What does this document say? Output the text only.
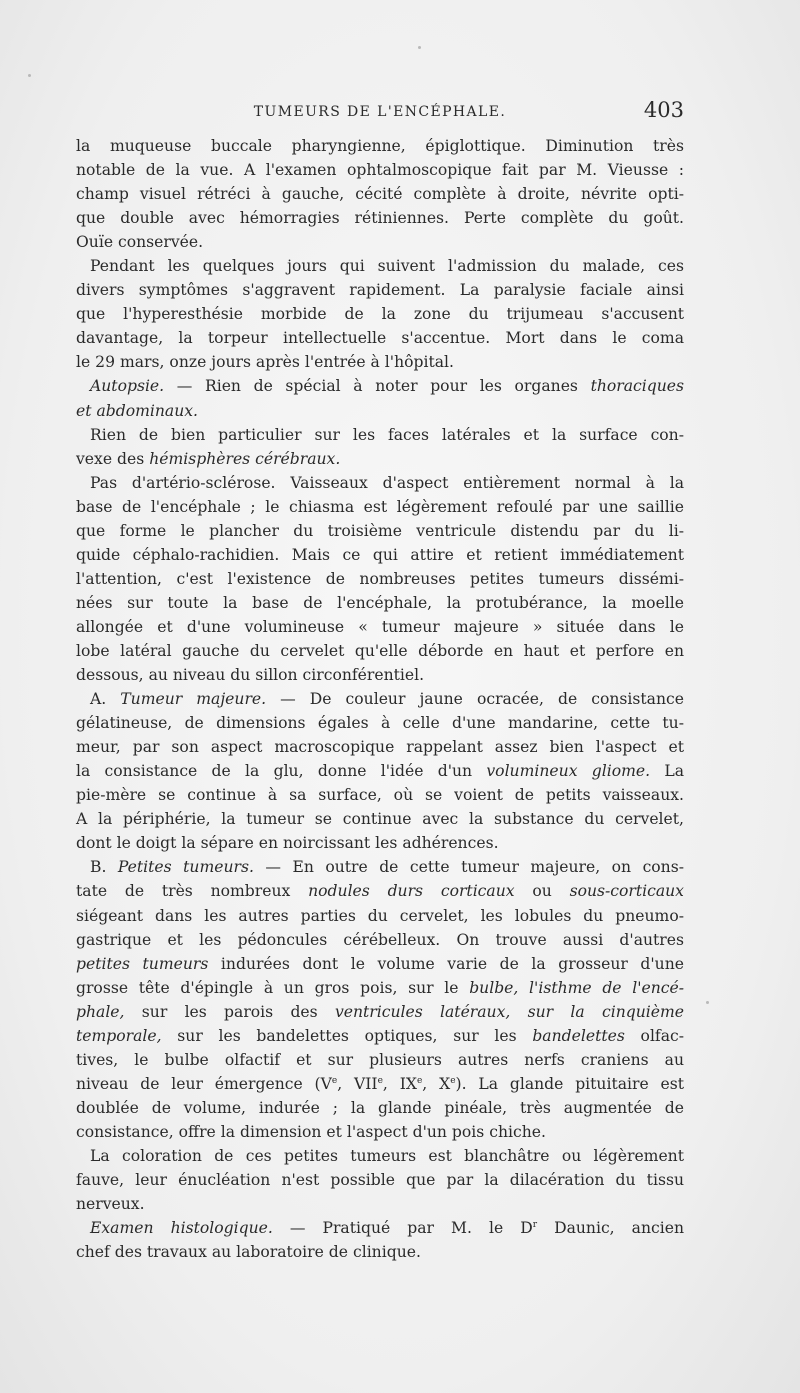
TUMEURS DE L'ENCÉPHALE.	403
la muqueuse buccale pharyngienne, épiglottique. Diminution très
notable de la vue. A l'examen ophtalmoscopique fait par M. Vieusse :
champ visuel rétréci à gauche, cécité complète à droite, névrite opti-
que double avec hémorragies rétiniennes. Perte complète du goût.
Ouïe conservée.
Pendant les quelques jours qui suivent l'admission du malade, ces
divers symptômes s'aggravent rapidement. La paralysie faciale ainsi
que l'hyperesthésie morbide de la zone du trijumeau s'accusent
davantage, la torpeur intellectuelle s'accentue. Mort dans le coma
le 29 mars, onze jours après l'entrée à l'hôpital.
Autopsie. — Rien de spécial à noter pour les organes thoraciques
et abdominaux.
Rien de bien particulier sur les faces latérales et la surface con-
vexe des hémisphères cérébraux.
Pas d'artério-sclérose. Vaisseaux d'aspect entièrement normal à la
base de l'encéphale ; le chiasma est légèrement refoulé par une saillie
que forme le plancher du troisième ventricule distendu par du li-
quide céphalo-rachidien. Mais ce qui attire et retient immédiatement
l'attention, c'est l'existence de nombreuses petites tumeurs dissémi-
nées sur toute la base de l'encéphale, la protubérance, la moelle
allongée et d'une volumineuse « tumeur majeure » située dans le
lobe latéral gauche du cervelet qu'elle déborde en haut et perfore en
dessous, au niveau du sillon circonférentiel.
A. Tumeur majeure. — De couleur jaune ocracée, de consistance
gélatineuse, de dimensions égales à celle d'une mandarine, cette tu-
meur, par son aspect macroscopique rappelant assez bien l'aspect et
la consistance de la glu, donne l'idée d'un volumineux gliome. La
pie-mère se continue à sa surface, où se voient de petits vaisseaux.
A la périphérie, la tumeur se continue avec la substance du cervelet,
dont le doigt la sépare en noircissant les adhérences.
B. Petites tumeurs. — En outre de cette tumeur majeure, on cons-
tate de très nombreux nodules durs corticaux ou sous-corticaux
siégeant dans les autres parties du cervelet, les lobules du pneumo-
gastrique et les pédoncules cérébelleux. On trouve aussi d'autres
petites tumeurs indurées dont le volume varie de la grosseur d'une
grosse tête d'épingle à un gros pois, sur le bulbe, l'isthme de l'encé-
phale, sur les parois des ventricules latéraux, sur la cinquième
temporale, sur les bandelettes optiques, sur les bandelettes olfac-
tives, le bulbe olfactif et sur plusieurs autres nerfs craniens au
niveau de leur émergence (Ve, VIIe, IXe, Xe). La glande pituitaire est
doublée de volume, indurée ; la glande pinéale, très augmentée de
consistance, offre la dimension et l'aspect d'un pois chiche.
La coloration de ces petites tumeurs est blanchâtre ou légèrement
fauve, leur énucléation n'est possible que par la dilacération du tissu
nerveux.
Examen histologique. — Pratiqué par M. le $D^r$ Daunic, ancien
chef des travaux au laboratoire de clinique.
